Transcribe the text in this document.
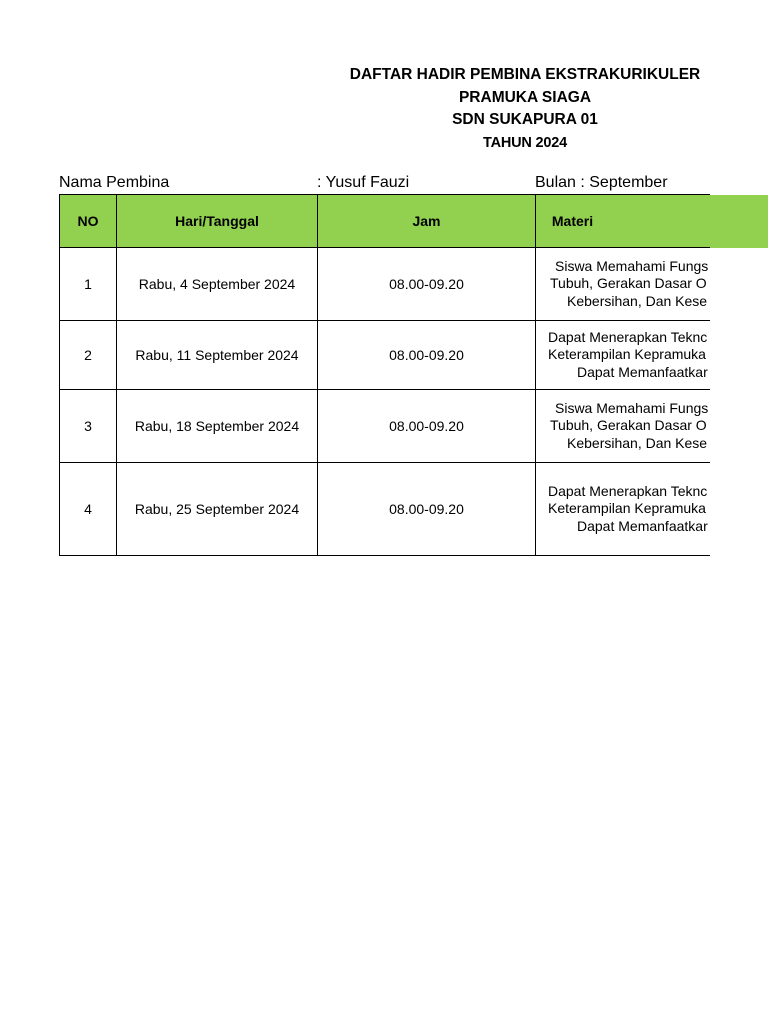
DAFTAR HADIR PEMBINA EKSTRAKURIKULER
PRAMUKA SIAGA
SDN SUKAPURA 01
TAHUN 2024
Nama Pembina	: Yusuf Fauzi	Bulan : September
NO	Hari/Tanggal	Jam	Materi
1	Rabu, 4 September 2024	08.00-09.20	Siswa Memahami Fungs
Tubuh, Gerakan Dasar O
Kebersihan, Dan Kese

2	Rabu, 11 September 2024	08.00-09.20	Dapat Menerapkan Teknc
Keterampilan Kepramuka
Dapat Memanfaatkar

3	Rabu, 18 September 2024	08.00-09.20	Siswa Memahami Fungs
Tubuh, Gerakan Dasar O
Kebersihan, Dan Kese

4	Rabu, 25 September 2024	08.00-09.20	Dapat Menerapkan Teknc
Keterampilan Kepramuka
Dapat Memanfaatkar
